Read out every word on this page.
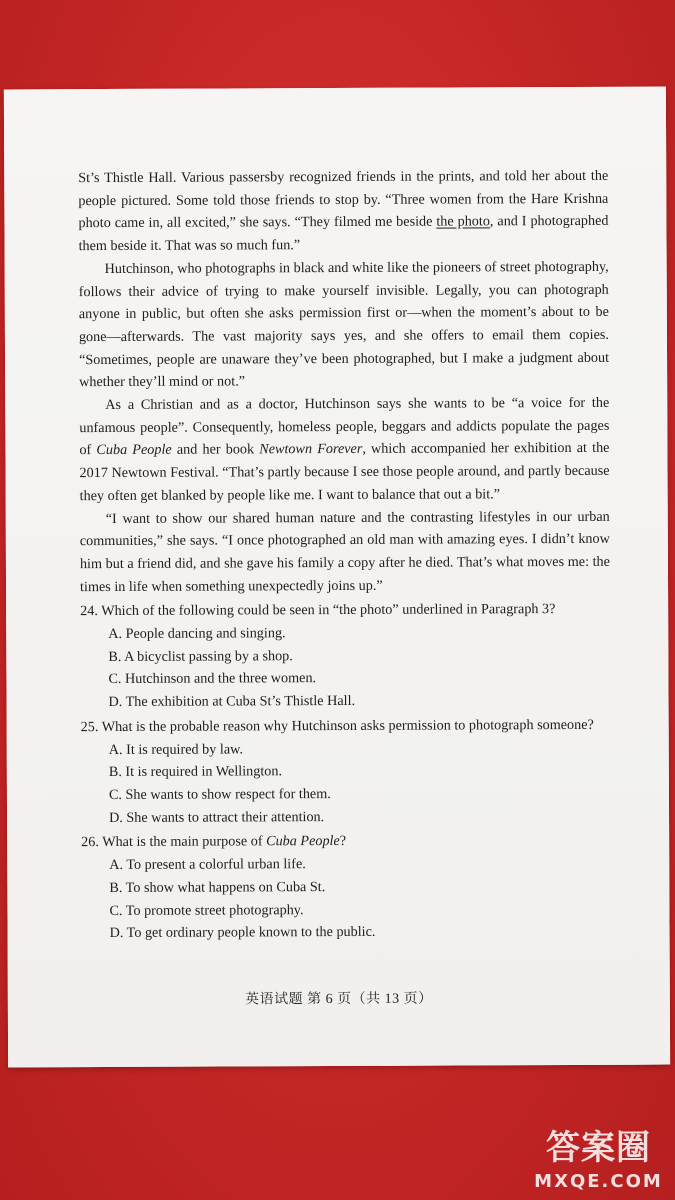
St’s Thistle Hall. Various passersby recognized friends in the prints, and told her about the people pictured. Some told those friends to stop by. “Three women from the Hare Krishna photo came in, all excited,” she says. “They filmed me beside the photo, and I photographed them beside it. That was so much fun.”

Hutchinson, who photographs in black and white like the pioneers of street photography, follows their advice of trying to make yourself invisible. Legally, you can photograph anyone in public, but often she asks permission first or—when the moment’s about to be gone—afterwards. The vast majority says yes, and she offers to email them copies. “Sometimes, people are unaware they’ve been photographed, but I make a judgment about whether they’ll mind or not.”

As a Christian and as a doctor, Hutchinson says she wants to be “a voice for the unfamous people”. Consequently, homeless people, beggars and addicts populate the pages of Cuba People and her book Newtown Forever, which accompanied her exhibition at the 2017 Newtown Festival. “That’s partly because I see those people around, and partly because they often get blanked by people like me. I want to balance that out a bit.”

“I want to show our shared human nature and the contrasting lifestyles in our urban communities,” she says. “I once photographed an old man with amazing eyes. I didn’t know him but a friend did, and she gave his family a copy after he died. That’s what moves me: the times in life when something unexpectedly joins up.”

24. Which of the following could be seen in “the photo” underlined in Paragraph 3?

A. People dancing and singing.

B. A bicyclist passing by a shop.

C. Hutchinson and the three women.

D. The exhibition at Cuba St’s Thistle Hall.

25. What is the probable reason why Hutchinson asks permission to photograph someone?

A. It is required by law.

B. It is required in Wellington.

C. She wants to show respect for them.

D. She wants to attract their attention.

26. What is the main purpose of Cuba People?

A. To present a colorful urban life.

B. To show what happens on Cuba St.

C. To promote street photography.

D. To get ordinary people known to the public.

英语试题 第 6 页（共 13 页）
答案圈
MXQE.COM
